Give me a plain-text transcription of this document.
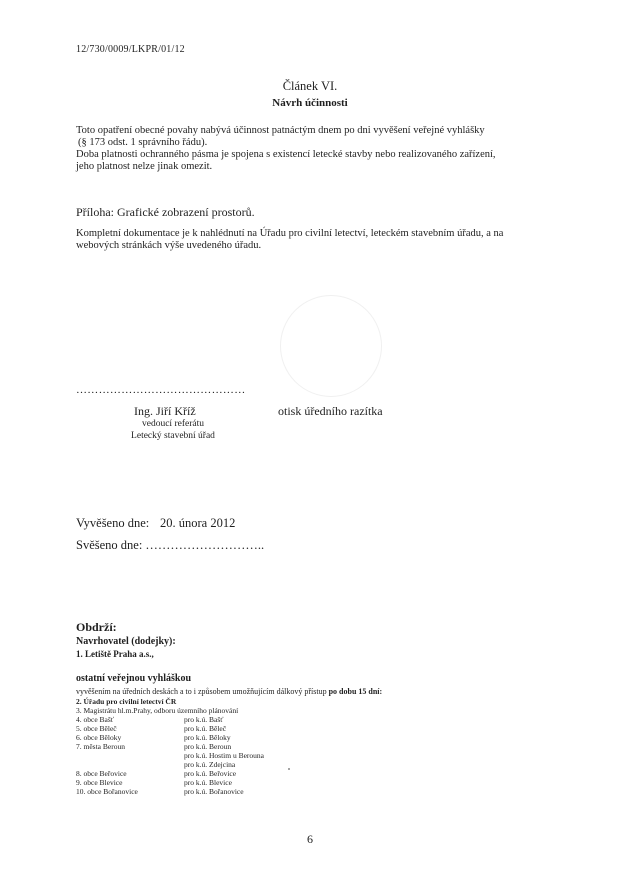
12/730/0009/LKPR/01/12
Článek VI.
Návrh účinnosti
Toto opatření obecné povahy nabývá účinnost patnáctým dnem po dni vyvěšení veřejné vyhlášky
(§ 173 odst. 1 správního řádu).
Doba platnosti ochranného pásma je spojena s existencí letecké stavby nebo realizovaného zařízení,
jeho platnost nelze jinak omezit.
Příloha: Grafické zobrazení prostorů.
Kompletní dokumentace je k nahlédnutí na Úřadu pro civilní letectví, leteckém stavebním úřadu, a na
webových stránkách výše uvedeného úřadu.
………………………………………
Ing. Jiří Kříž
vedoucí referátu
Letecký stavební úřad
otisk úředního razítka
Vyvěšeno dne: 20. února 2012
Svěšeno dne: ………………………..
Obdrží:
Navrhovatel (dodejky):
1. Letiště Praha a.s.,
ostatní veřejnou vyhláškou
vyvěšením na úředních deskách a to i způsobem umožňujícím dálkový přístup po dobu 15 dní:
2. Úřadu pro civilní letectví ČR
3. Magistrátu hl.m.Prahy, odboru územního plánování
4. obce Bašť	pro k.ú. Bašť
5. obce Běleč	pro k.ú. Běleč
6. obce Běloky	pro k.ú. Běloky
7. města Beroun	pro k.ú. Beroun
pro k.ú. Hostim u Berouna
pro k.ú. Zdejcina
8. obce Beřovice	pro k.ú. Beřovice
9. obce Blevice	pro k.ú. Blevice
10. obce Bořanovice	pro k.ú. Bořanovice
6
